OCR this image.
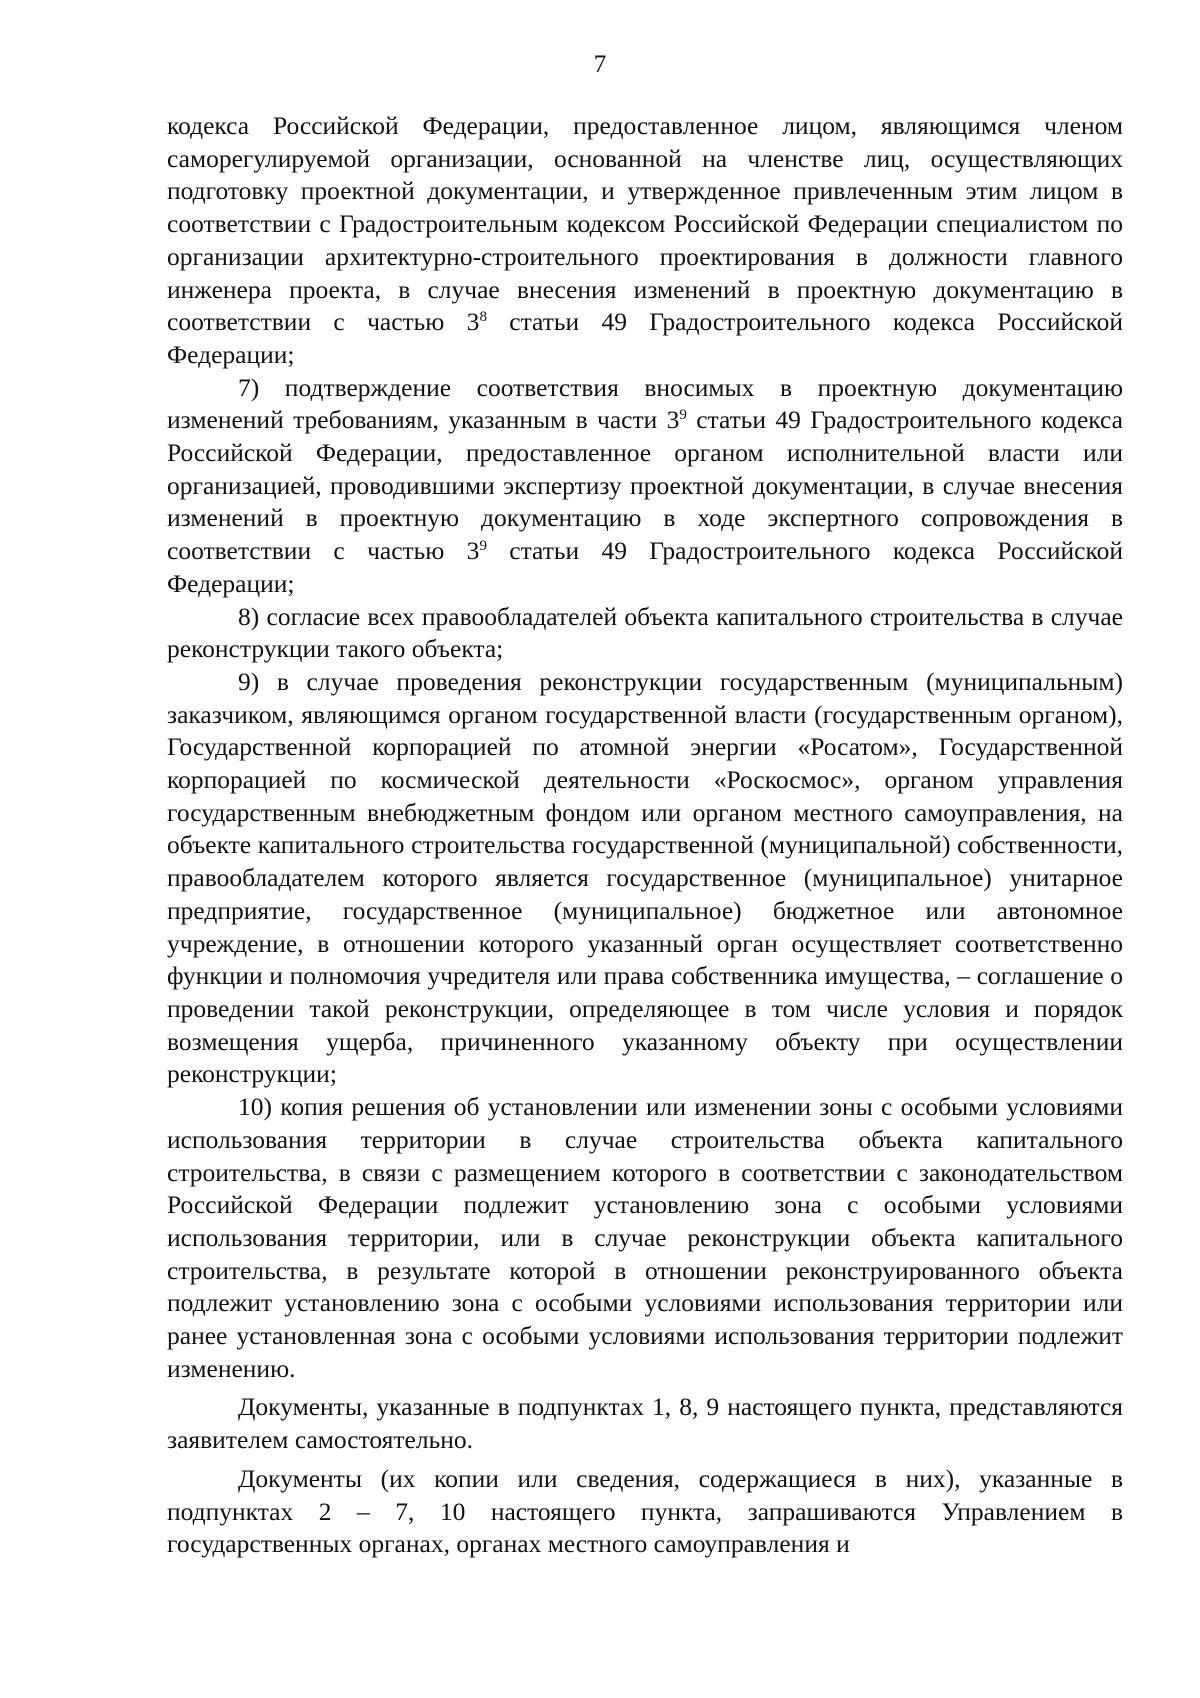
7

кодекса Российской Федерации, предоставленное лицом, являющимся членом саморегулируемой организации, основанной на членстве лиц, осуществляющих подготовку проектной документации, и утвержденное привлеченным этим лицом в соответствии с Градостроительным кодексом Российской Федерации специалистом по организации архитектурно-строительного проектирования в должности главного инженера проекта, в случае внесения изменений в проектную документацию в соответствии с частью $3^8$ статьи 49 Градостроительного кодекса Российской Федерации;

7) подтверждение соответствия вносимых в проектную документацию изменений требованиям, указанным в части $3^9$ статьи 49 Градостроительного кодекса Российской Федерации, предоставленное органом исполнительной власти или организацией, проводившими экспертизу проектной документации, в случае внесения изменений в проектную документацию в ходе экспертного сопровождения в соответствии с частью $3^9$ статьи 49 Градостроительного кодекса Российской Федерации;

8) согласие всех правообладателей объекта капитального строительства в случае реконструкции такого объекта;

9) в случае проведения реконструкции государственным (муниципальным) заказчиком, являющимся органом государственной власти (государственным органом), Государственной корпорацией по атомной энергии «Росатом», Государственной корпорацией по космической деятельности «Роскосмос», органом управления государственным внебюджетным фондом или органом местного самоуправления, на объекте капитального строительства государственной (муниципальной) собственности, правообладателем которого является государственное (муниципальное) унитарное предприятие, государственное (муниципальное) бюджетное или автономное учреждение, в отношении которого указанный орган осуществляет соответственно функции и полномочия учредителя или права собственника имущества, – соглашение о проведении такой реконструкции, определяющее в том числе условия и порядок возмещения ущерба, причиненного указанному объекту при осуществлении реконструкции;

10) копия решения об установлении или изменении зоны с особыми условиями использования территории в случае строительства объекта капитального строительства, в связи с размещением которого в соответствии с законодательством Российской Федерации подлежит установлению зона с особыми условиями использования территории, или в случае реконструкции объекта капитального строительства, в результате которой в отношении реконструированного объекта подлежит установлению зона с особыми условиями использования территории или ранее установленная зона с особыми условиями использования территории подлежит изменению.

Документы, указанные в подпунктах 1, 8, 9 настоящего пункта, представляются заявителем самостоятельно.

Документы (их копии или сведения, содержащиеся в них), указанные в подпунктах 2 – 7, 10 настоящего пункта, запрашиваются Управлением в государственных органах, органах местного самоуправления и
